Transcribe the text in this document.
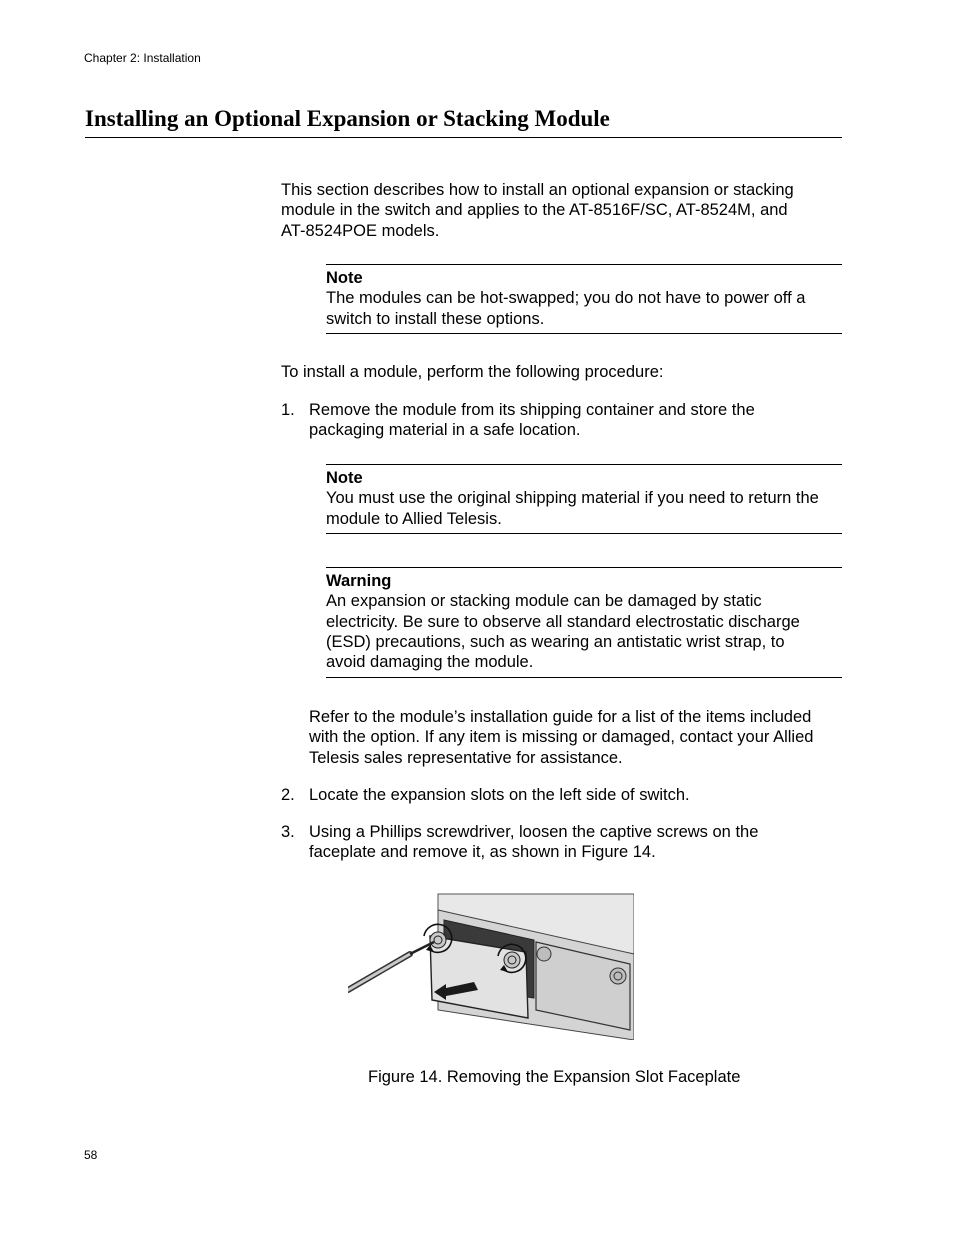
Chapter 2: Installation
Installing an Optional Expansion or Stacking Module
This section describes how to install an optional expansion or stacking
module in the switch and applies to the AT-8516F/SC, AT-8524M, and
AT-8524POE models.
Note
The modules can be hot-swapped; you do not have to power off a
switch to install these options.
To install a module, perform the following procedure:
1. Remove the module from its shipping container and store the
packaging material in a safe location.
Note
You must use the original shipping material if you need to return the
module to Allied Telesis.
Warning
An expansion or stacking module can be damaged by static
electricity. Be sure to observe all standard electrostatic discharge
(ESD) precautions, such as wearing an antistatic wrist strap, to
avoid damaging the module.
Refer to the module’s installation guide for a list of the items included
with the option. If any item is missing or damaged, contact your Allied
Telesis sales representative for assistance.
2. Locate the expansion slots on the left side of switch.
3. Using a Phillips screwdriver, loosen the captive screws on the
faceplate and remove it, as shown in Figure 14.
Figure 14. Removing the Expansion Slot Faceplate
58
